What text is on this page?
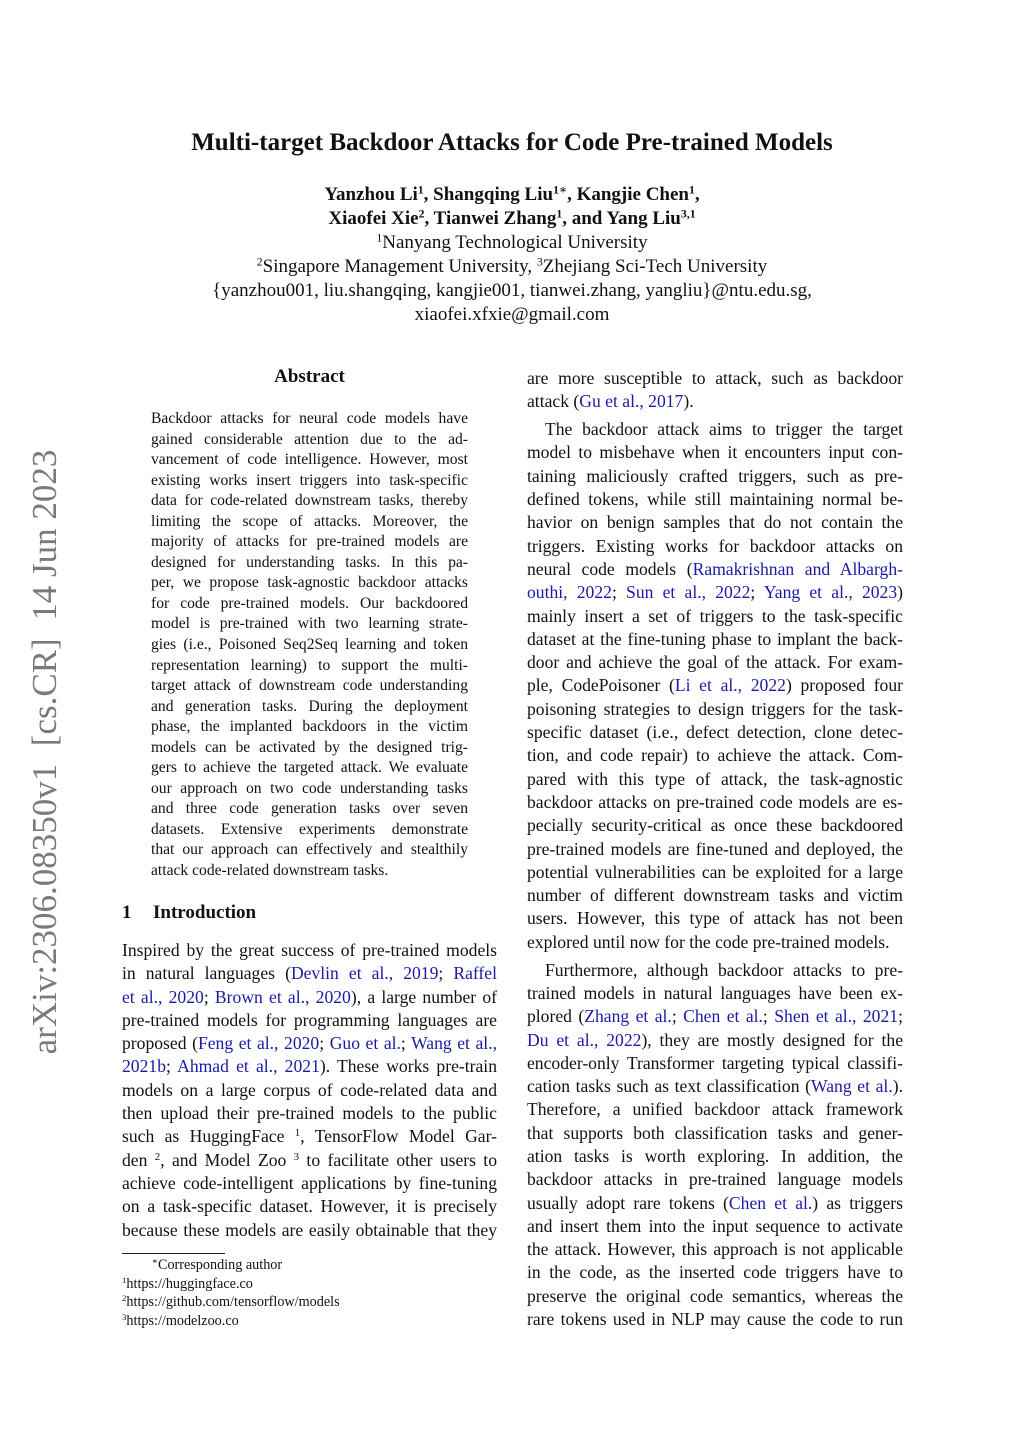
arXiv:2306.08350v1  [cs.CR]  14 Jun 2023
Multi-target Backdoor Attacks for Code Pre-trained Models
Yanzhou Li$^1$, Shangqing Liu$^{1∗}$, Kangjie Chen$^1$,
Xiaofei Xie$^2$, Tianwei Zhang$^1$, and Yang Liu$^{3,1}$
$^1$Nanyang Technological University
$^2$Singapore Management University, $^3$Zhejiang Sci-Tech University
{yanzhou001, liu.shangqing, kangjie001, tianwei.zhang, yangliu}@ntu.edu.sg,
xiaofei.xfxie@gmail.com
Abstract
Backdoor attacks for neural code models have
gained considerable attention due to the ad-
vancement of code intelligence. However, most
existing works insert triggers into task-specific
data for code-related downstream tasks, thereby
limiting the scope of attacks. Moreover, the
majority of attacks for pre-trained models are
designed for understanding tasks. In this pa-
per, we propose task-agnostic backdoor attacks
for code pre-trained models. Our backdoored
model is pre-trained with two learning strate-
gies (i.e., Poisoned Seq2Seq learning and token
representation learning) to support the multi-
target attack of downstream code understanding
and generation tasks. During the deployment
phase, the implanted backdoors in the victim
models can be activated by the designed trig-
gers to achieve the targeted attack. We evaluate
our approach on two code understanding tasks
and three code generation tasks over seven
datasets. Extensive experiments demonstrate
that our approach can effectively and stealthily
attack code-related downstream tasks.
1 Introduction
Inspired by the great success of pre-trained models
in natural languages (Devlin et al., 2019; Raffel
et al., 2020; Brown et al., 2020), a large number of
pre-trained models for programming languages are
proposed (Feng et al., 2020; Guo et al.; Wang et al.,
2021b; Ahmad et al., 2021). These works pre-train
models on a large corpus of code-related data and
then upload their pre-trained models to the public
such as HuggingFace $^1$, TensorFlow Model Gar-
den $^2$, and Model Zoo $^3$ to facilitate other users to
achieve code-intelligent applications by fine-tuning
on a task-specific dataset. However, it is precisely
because these models are easily obtainable that they
are more susceptible to attack, such as backdoor
attack (Gu et al., 2017).
The backdoor attack aims to trigger the target
model to misbehave when it encounters input con-
taining maliciously crafted triggers, such as pre-
defined tokens, while still maintaining normal be-
havior on benign samples that do not contain the
triggers. Existing works for backdoor attacks on
neural code models (Ramakrishnan and Albargh-
outhi, 2022; Sun et al., 2022; Yang et al., 2023)
mainly insert a set of triggers to the task-specific
dataset at the fine-tuning phase to implant the back-
door and achieve the goal of the attack. For exam-
ple, CodePoisoner (Li et al., 2022) proposed four
poisoning strategies to design triggers for the task-
specific dataset (i.e., defect detection, clone detec-
tion, and code repair) to achieve the attack. Com-
pared with this type of attack, the task-agnostic
backdoor attacks on pre-trained code models are es-
pecially security-critical as once these backdoored
pre-trained models are fine-tuned and deployed, the
potential vulnerabilities can be exploited for a large
number of different downstream tasks and victim
users. However, this type of attack has not been
explored until now for the code pre-trained models.
Furthermore, although backdoor attacks to pre-
trained models in natural languages have been ex-
plored (Zhang et al.; Chen et al.; Shen et al., 2021;
Du et al., 2022), they are mostly designed for the
encoder-only Transformer targeting typical classifi-
cation tasks such as text classification (Wang et al.).
Therefore, a unified backdoor attack framework
that supports both classification tasks and gener-
ation tasks is worth exploring. In addition, the
backdoor attacks in pre-trained language models
usually adopt rare tokens (Chen et al.) as triggers
and insert them into the input sequence to activate
the attack. However, this approach is not applicable
in the code, as the inserted code triggers have to
preserve the original code semantics, whereas the
rare tokens used in NLP may cause the code to run
∗Corresponding author
$^1$https://huggingface.co
$^2$https://github.com/tensorflow/models
$^3$https://modelzoo.co
